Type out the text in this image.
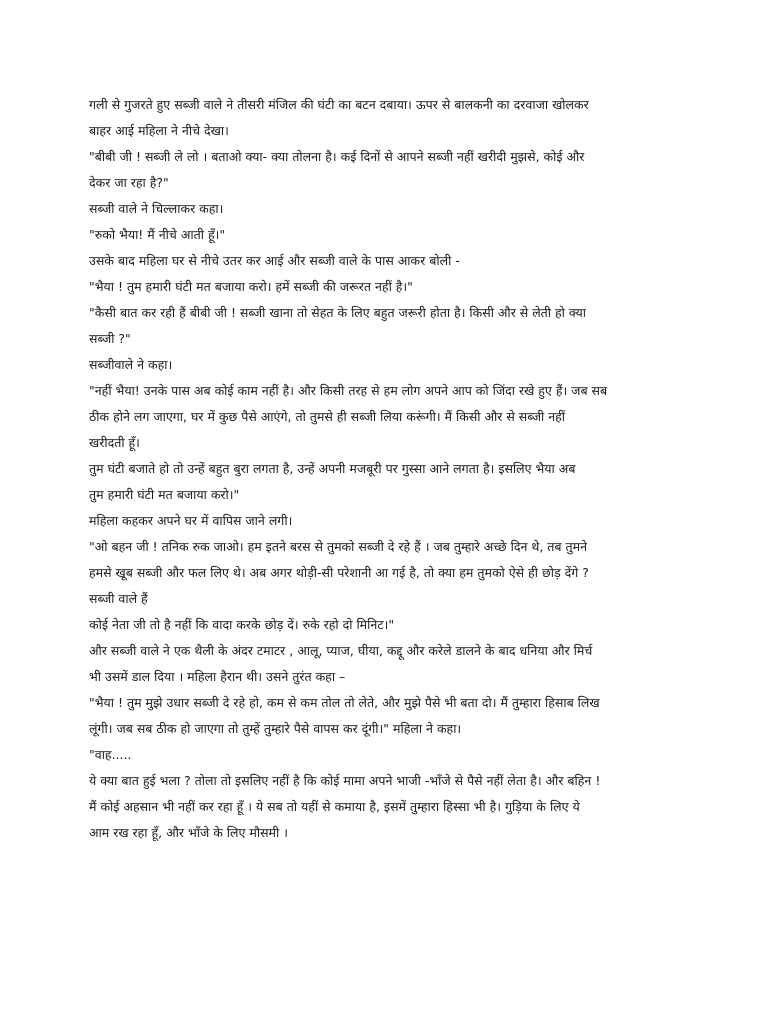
गली से गुजरते हुए सब्जी वाले ने तीसरी मंजिल की घंटी का बटन दबाया। ऊपर से बालकनी का दरवाजा खोलकर
बाहर आई महिला ने नीचे देखा।
"बीबी जी ! सब्जी ले लो । बताओ क्या- क्या तोलना है। कई दिनों से आपने सब्जी नहीं खरीदी मुझसे, कोई और
देकर जा रहा है?"
सब्जी वाले ने चिल्लाकर कहा।
"रुको भैया! मैं नीचे आती हूँ।"
उसके बाद महिला घर से नीचे उतर कर आई और सब्जी वाले के पास आकर बोली -
"भैया ! तुम हमारी घंटी मत बजाया करो। हमें सब्जी की जरूरत नहीं है।"
"कैसी बात कर रही हैं बीबी जी ! सब्जी खाना तो सेहत के लिए बहुत जरूरी होता है। किसी और से लेती हो क्या
सब्जी ?"
सब्जीवाले ने कहा।
"नहीं भैया! उनके पास अब कोई काम नहीं है। और किसी तरह से हम लोग अपने आप को जिंदा रखे हुए हैं। जब सब
ठीक होने लग जाएगा, घर में कुछ पैसे आएंगे, तो तुमसे ही सब्जी लिया करूंगी। मैं किसी और से सब्जी नहीं
खरीदती हूँ।
तुम घंटी बजाते हो तो उन्हें बहुत बुरा लगता है, उन्हें अपनी मजबूरी पर गुस्सा आने लगता है। इसलिए भैया अब
तुम हमारी घंटी मत बजाया करो।"
महिला कहकर अपने घर में वापिस जाने लगी।
"ओ बहन जी ! तनिक रुक जाओ। हम इतने बरस से तुमको सब्जी दे रहे हैं । जब तुम्हारे अच्छे दिन थे, तब तुमने
हमसे खूब सब्जी और फल लिए थे। अब अगर थोड़ी-सी परेशानी आ गई है, तो क्या हम तुमको ऐसे ही छोड़ देंगे ?
सब्जी वाले हैं
कोई नेता जी तो है नहीं कि वादा करके छोड़ दें। रुके रहो दो मिनिट।"
और सब्जी वाले ने एक थैली के अंदर टमाटर , आलू, प्याज, घीया, कद्दू और करेले डालने के बाद धनिया और मिर्च
भी उसमें डाल दिया । महिला हैरान थी। उसने तुरंत कहा –
"भैया ! तुम मुझे उधार सब्जी दे रहे हो, कम से कम तोल तो लेते, और मुझे पैसे भी बता दो। मैं तुम्हारा हिसाब लिख
लूंगी। जब सब ठीक हो जाएगा तो तुम्हें तुम्हारे पैसे वापस कर दूंगी।" महिला ने कहा।
"वाह.....
ये क्या बात हुई भला ? तोला तो इसलिए नहीं है कि कोई मामा अपने भाजी -भाँजे से पैसे नहीं लेता है। और बहिन !
मैं कोई अहसान भी नहीं कर रहा हूँ । ये सब तो यहीं से कमाया है, इसमें तुम्हारा हिस्सा भी है। गुड़िया के लिए ये
आम रख रहा हूँ, और भाँजे के लिए मौसमी ।
